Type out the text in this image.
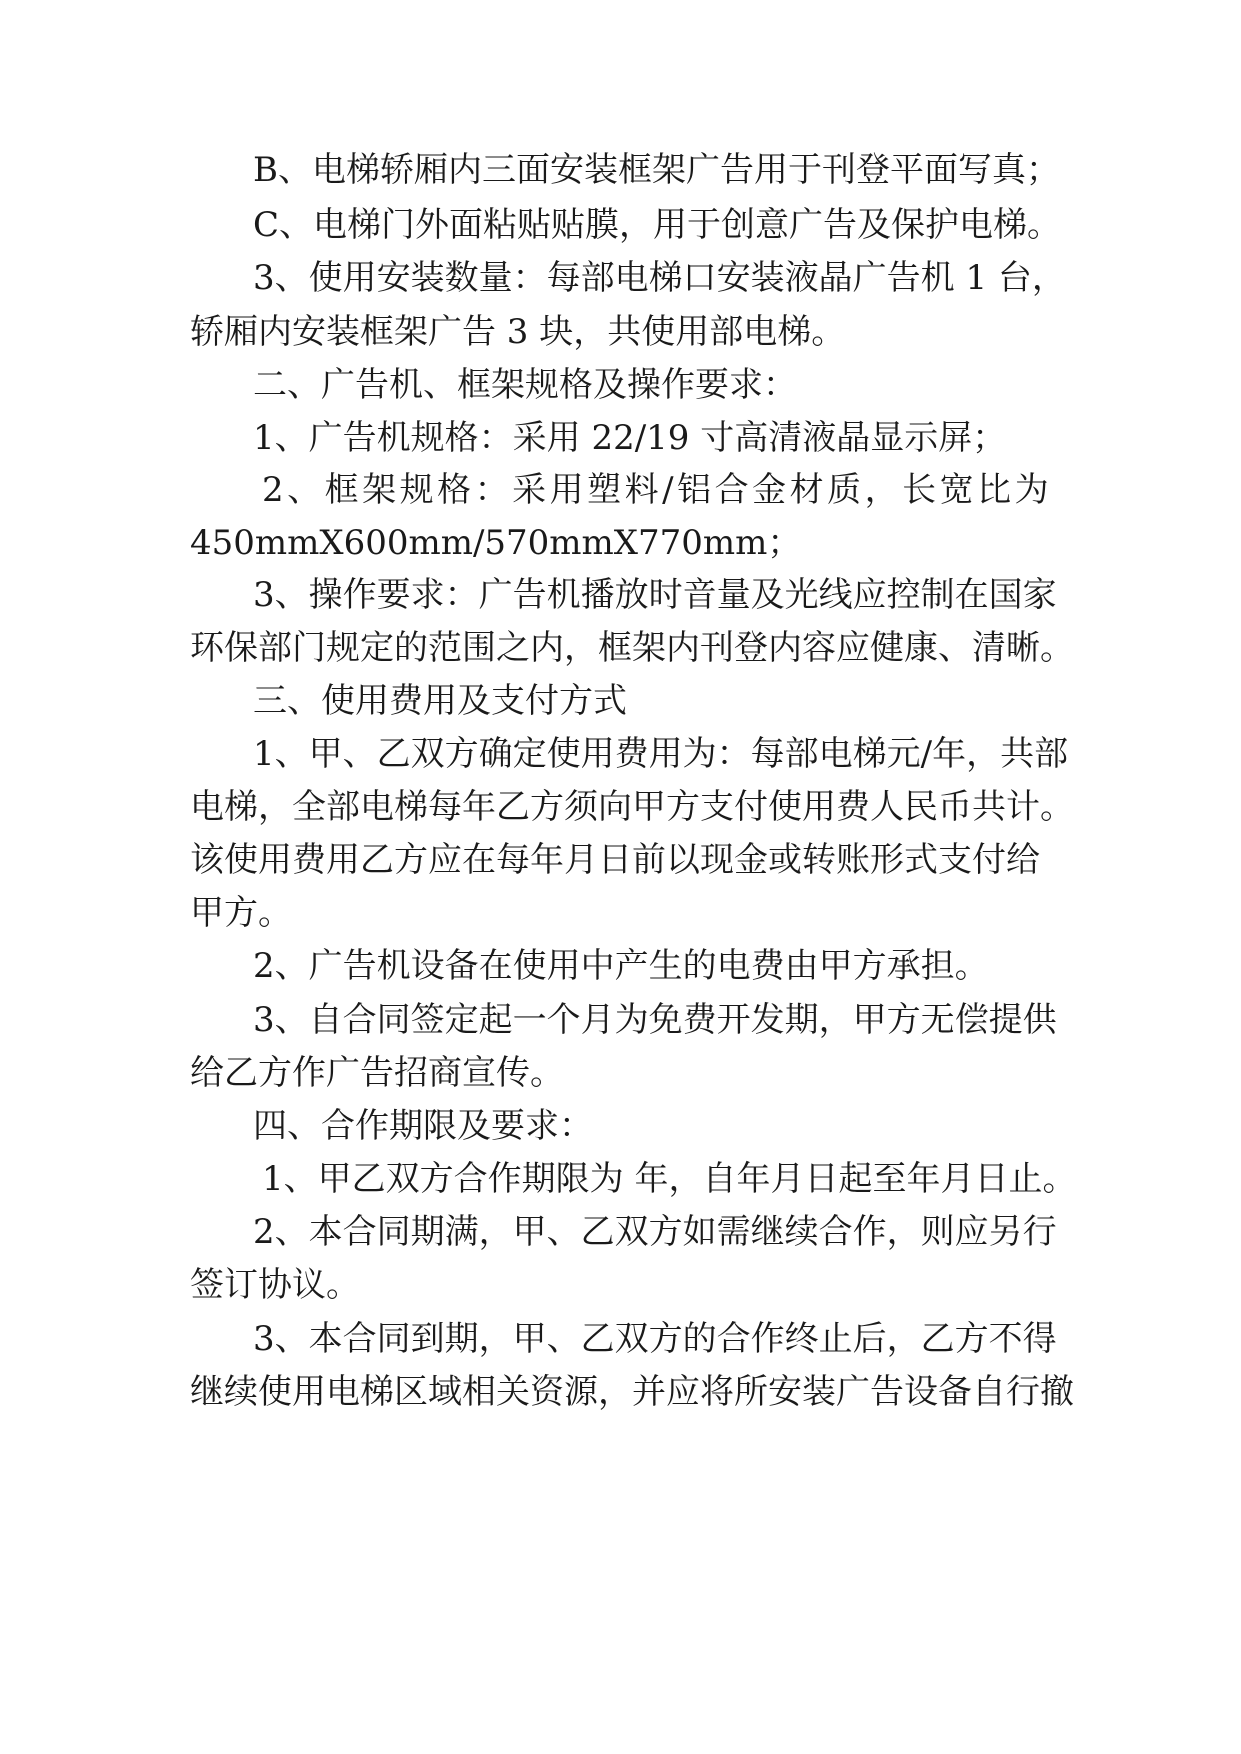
B、电梯轿厢内三面安装框架广告用于刊登平面写真；
C、电梯门外面粘贴贴膜，用于创意广告及保护电梯。
3、使用安装数量：每部电梯口安装液晶广告机 1 台，
轿厢内安装框架广告 3 块，共使用部电梯。
二、广告机、框架规格及操作要求：
1、广告机规格：采用 22/19 寸高清液晶显示屏；
2、框架规格：采用塑料/铝合金材质，长宽比为
450mmX600mm/570mmX770mm；
3、操作要求：广告机播放时音量及光线应控制在国家
环保部门规定的范围之内，框架内刊登内容应健康、清晰。
三、使用费用及支付方式
1、甲、乙双方确定使用费用为：每部电梯元/年，共部
电梯，全部电梯每年乙方须向甲方支付使用费人民币共计。
该使用费用乙方应在每年月日前以现金或转账形式支付给
甲方。
2、广告机设备在使用中产生的电费由甲方承担。
3、自合同签定起一个月为免费开发期，甲方无偿提供
给乙方作广告招商宣传。
四、合作期限及要求：
1、甲乙双方合作期限为 年，自年月日起至年月日止。
2、本合同期满，甲、乙双方如需继续合作，则应另行
签订协议。
3、本合同到期，甲、乙双方的合作终止后，乙方不得
继续使用电梯区域相关资源，并应将所安装广告设备自行撤
